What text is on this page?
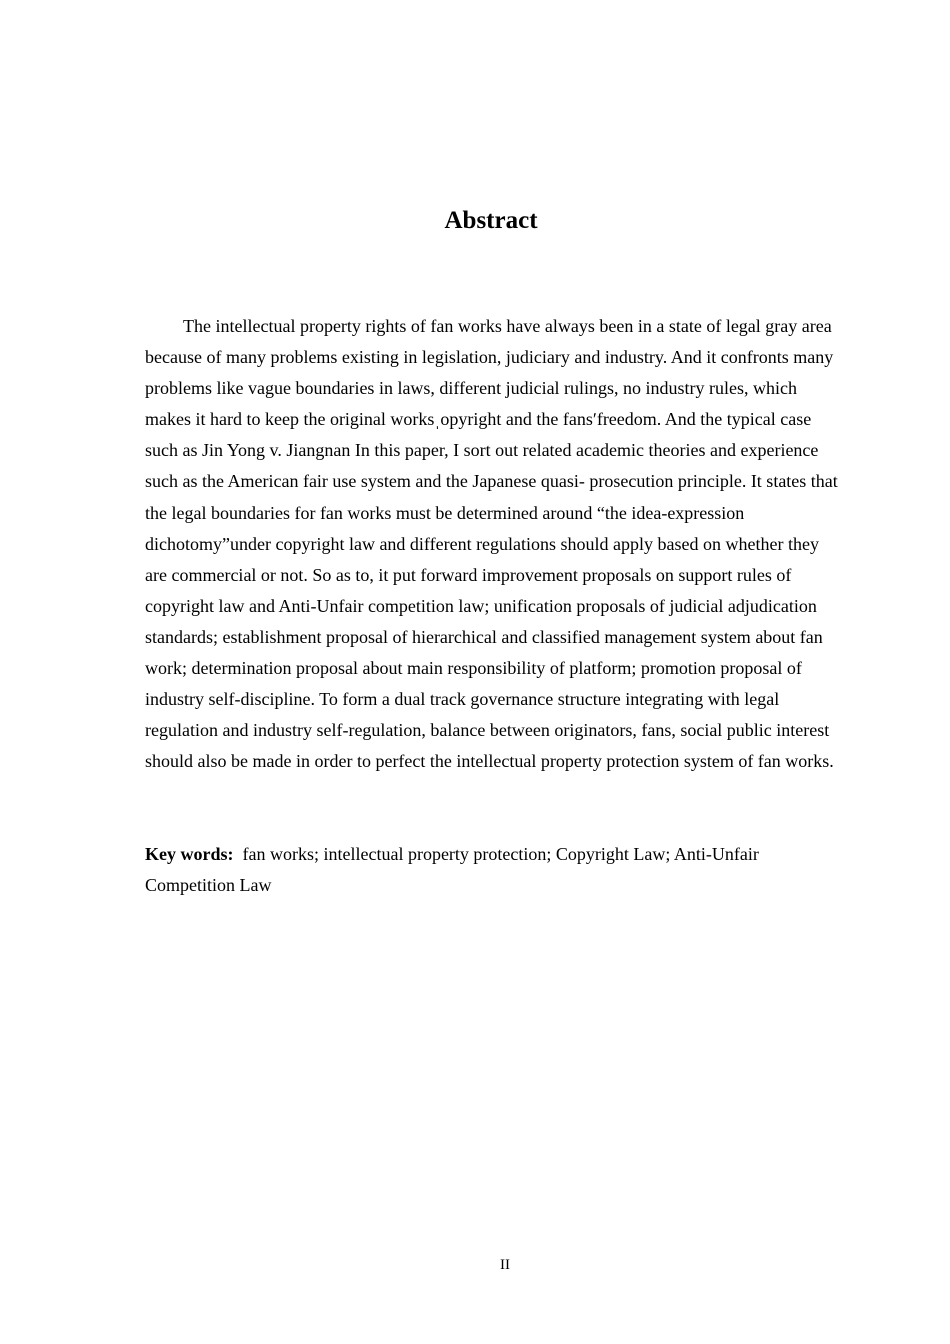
Abstract

The intellectual property rights of fan works have always been in a state of legal gray area because of many problems existing in legislation, judiciary and industry. And it confronts many problems like vague boundaries in laws, different judicial rulings, no industry rules, which makes it hard to keep the original worksˌopyright and the fansʹfreedom. And the typical case such as Jin Yong v. Jiangnan In this paper, I sort out related academic theories and experience such as the American fair use system and the Japanese quasi- prosecution principle. It states that the legal boundaries for fan works must be determined around “the idea-expression dichotomy”under copyright law and different regulations should apply based on whether they are commercial or not. So as to, it put forward improvement proposals on support rules of copyright law and Anti-Unfair competition law; unification proposals of judicial adjudication standards; establishment proposal of hierarchical and classified management system about fan work; determination proposal about main responsibility of platform; promotion proposal of industry self-discipline. To form a dual track governance structure integrating with legal regulation and industry self-regulation, balance between originators, fans, social public interest should also be made in order to perfect the intellectual property protection system of fan works.

Key words: fan works; intellectual property protection; Copyright Law; Anti-Unfair Competition Law

II
